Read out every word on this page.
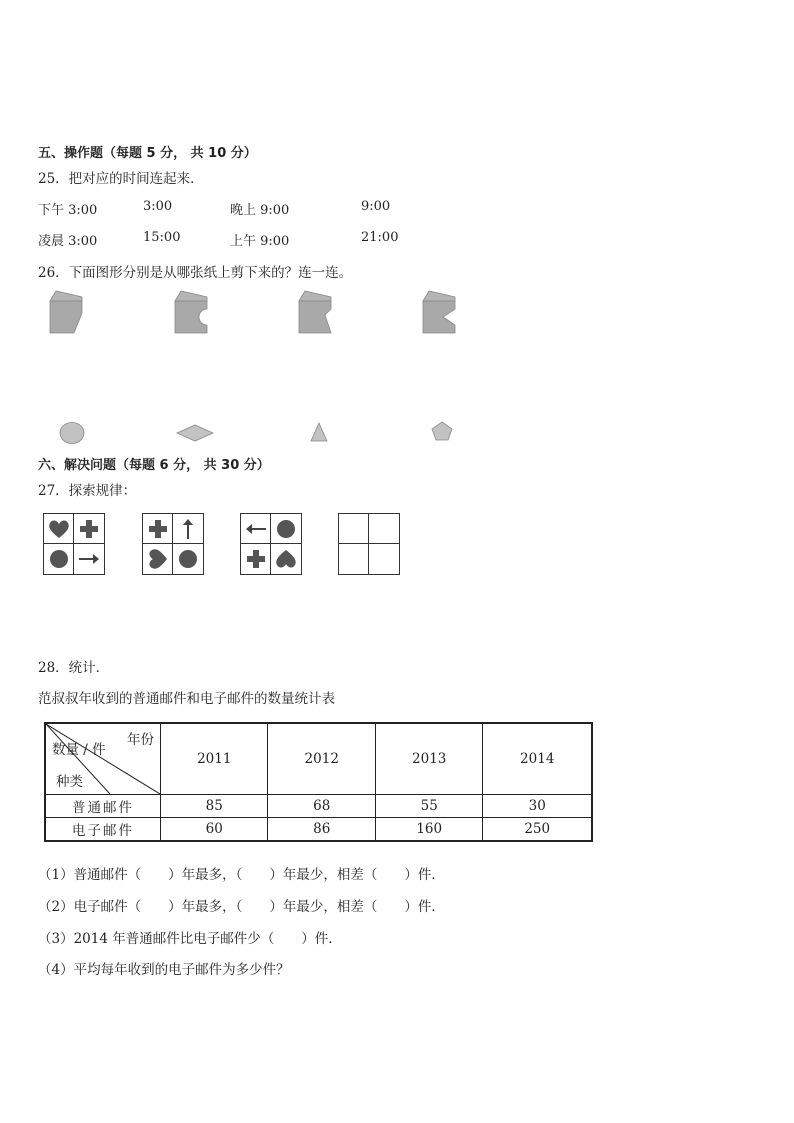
五、操作题（每题 5 分， 共 10 分）
25．把对应的时间连起来．
下午 3:00	3:00	晚上 9:00	9:00
凌晨 3:00	15:00	上午 9:00	21:00
26．下面图形分别是从哪张纸上剪下来的？连一连。
六、解决问题（每题 6 分， 共 30 分）
27．探索规律：
28．统计．
范叔叔年收到的普通邮件和电子邮件的数量统计表
年份
数量 / 件
种类	2011	2012	2013	2014
普通邮件	85	68	55	30
电子邮件	60	86	160	250
（1）普通邮件（　　）年最多，（　　）年最少，相差（　　）件．
（2）电子邮件（　　）年最多，（　　）年最少，相差（　　）件．
（3）2014 年普通邮件比电子邮件少（　　）件．
（4）平均每年收到的电子邮件为多少件？
